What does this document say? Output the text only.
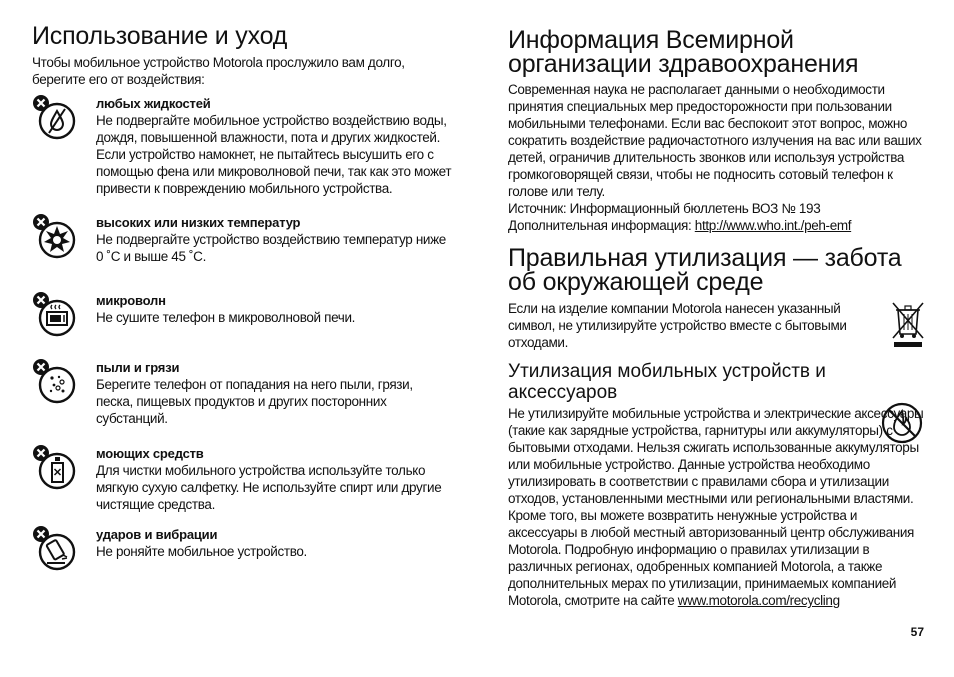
Использование и уход

Чтобы мобильное устройство Motorola прослужило вам долго, берегите его от воздействия:

любых жидкостей

Не подвергайте мобильное устройство воздействию воды, дождя, повышенной влажности, пота и других жидкостей. Если устройство намокнет, не пытайтесь высушить его с помощью фена или микроволновой печи, так как это может привести к повреждению мобильного устройства.

высоких или низких температур

Не подвергайте устройство воздействию температур ниже 0 ˚C и выше 45 ˚C.

микроволн

Не сушите телефон в микроволновой печи.

пыли и грязи

Берегите телефон от попадания на него пыли, грязи, песка, пищевых продуктов и других посторонних субстанций.

моющих средств

Для чистки мобильного устройства используйте только мягкую сухую салфетку. Не используйте спирт или другие чистящие средства.

ударов и вибрации

Не роняйте мобильное устройство.

Информация Всемирной организации здравоохранения

Современная наука не располагает данными о необходимости принятия специальных мер предосторожности при пользовании мобильными телефонами. Если вас беспокоит этот вопрос, можно сократить воздействие радиочастотного излучения на вас или ваших детей, ограничив длительность звонков или используя устройства громкоговорящей связи, чтобы не подносить сотовый телефон к голове или телу.

Источник: Информационный бюллетень ВОЗ № 193

Дополнительная информация: http://www.who.int./peh-emf

Правильная утилизация — забота об окружающей среде

Если на изделие компании Motorola нанесен указанный символ, не утилизируйте устройство вместе с бытовыми отходами.

Утилизация мобильных устройств и аксессуаров

Не утилизируйте мобильные устройства и электрические аксессуары (такие как зарядные устройства, гарнитуры или аккумуляторы) с бытовыми отходами. Нельзя сжигать использованные аккумуляторы или мобильные устройство. Данные устройства необходимо утилизировать в соответствии с правилами сбора и утилизации отходов, установленными местными или региональными властями. Кроме того, вы можете возвратить ненужные устройства и аксессуары в любой местный авторизованный центр обслуживания Motorola. Подробную информацию о правилах утилизации в различных регионах, одобренных компанией Motorola, а также дополнительных мерах по утилизации, принимаемых компанией Motorola, смотрите на сайте www.motorola.com/recycling

57
